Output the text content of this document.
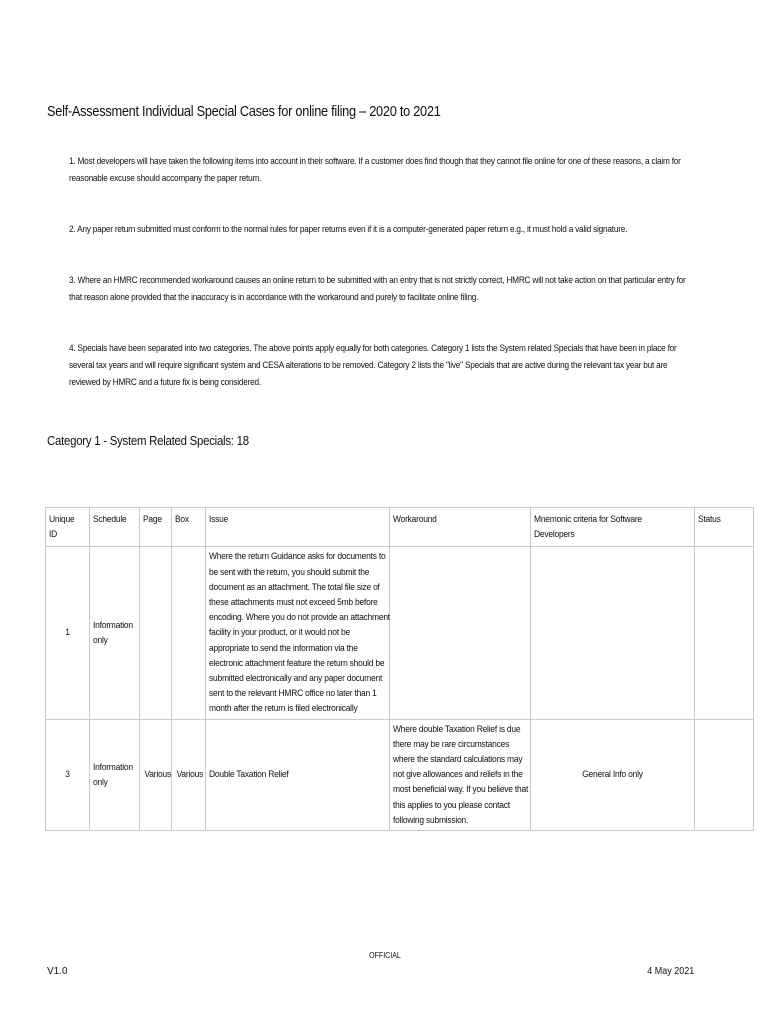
Self-Assessment Individual Special Cases for online filing – 2020 to 2021

1. Most developers will have taken the following items into account in their software. If a customer does find though that they cannot file online for one of these reasons, a claim for reasonable excuse should accompany the paper return.

2. Any paper return submitted must conform to the normal rules for paper returns even if it is a computer-generated paper return e.g., it must hold a valid signature.

3. Where an HMRC recommended workaround causes an online return to be submitted with an entry that is not strictly correct, HMRC will not take action on that particular entry for that reason alone provided that the inaccuracy is in accordance with the workaround and purely to facilitate online filing.

4. Specials have been separated into two categories. The above points apply equally for both categories. Category 1 lists the System related Specials that have been in place for several tax years and will require significant system and CESA alterations to be removed. Category 2 lists the "live" Specials that are active during the relevant tax year but are reviewed by HMRC and a future fix is being considered.

Category 1 - System Related Specials: 18
Unique ID	Schedule	Page	Box	Issue	Workaround	Mnemonic criteria for Software Developers	Status

1	Information only			Where the return Guidance asks for documents to be sent with the return, you should submit the document as an attachment. The total file size of these attachments must not exceed 5mb before encoding. Where you do not provide an attachment facility in your product, or it would not be appropriate to send the information via the electronic attachment feature the return should be submitted electronically and any paper document sent to the relevant HMRC office no later than 1 month after the return is filed electronically			

3	Information only	Various	Various	Double Taxation Relief	Where double Taxation Relief is due there may be rare circumstances where the standard calculations may not give allowances and reliefs in the most beneficial way. If you believe that this applies to you please contact following submission.	General Info only	

OFFICIAL
V1.0	4 May 2021
